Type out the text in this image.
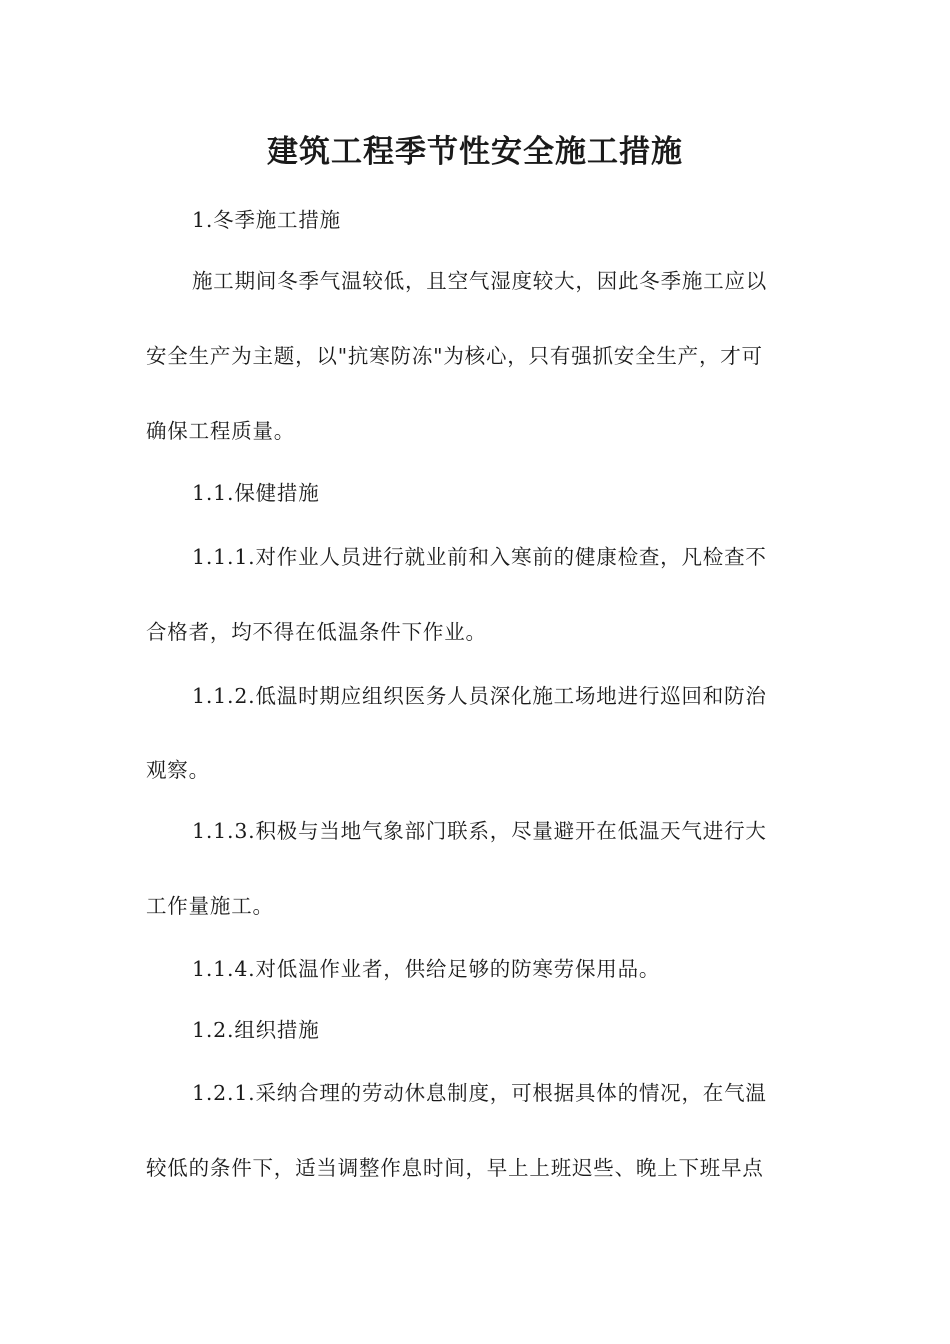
建筑工程季节性安全施工措施
1.冬季施工措施
施工期间冬季气温较低，且空气湿度较大，因此冬季施工应以
安全生产为主题，以"抗寒防冻"为核心，只有强抓安全生产，才可
确保工程质量。
1.1.保健措施
1.1.1.对作业人员进行就业前和入寒前的健康检查，凡检查不
合格者，均不得在低温条件下作业。
1.1.2.低温时期应组织医务人员深化施工场地进行巡回和防治
观察。
1.1.3.积极与当地气象部门联系，尽量避开在低温天气进行大
工作量施工。
1.1.4.对低温作业者，供给足够的防寒劳保用品。
1.2.组织措施
1.2.1.采纳合理的劳动休息制度，可根据具体的情况，在气温
较低的条件下，适当调整作息时间，早上上班迟些、晚上下班早点
